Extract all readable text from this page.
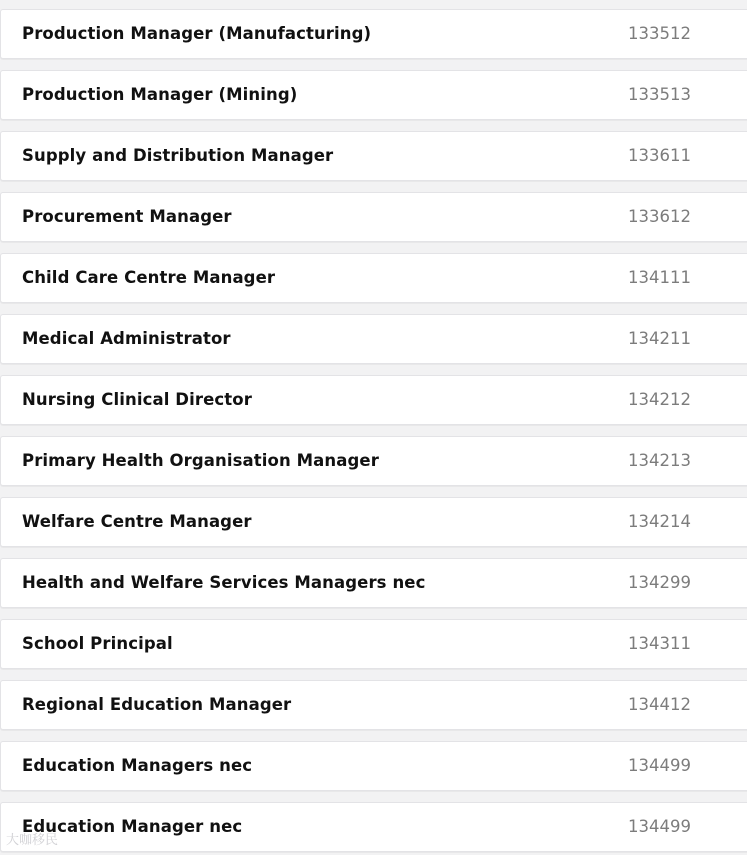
Production Manager (Manufacturing)	133512
Production Manager (Mining)	133513
Supply and Distribution Manager	133611
Procurement Manager	133612
Child Care Centre Manager	134111
Medical Administrator	134211
Nursing Clinical Director	134212
Primary Health Organisation Manager	134213
Welfare Centre Manager	134214
Health and Welfare Services Managers nec	134299
School Principal	134311
Regional Education Manager	134412
Education Managers nec	134499
Education Manager nec	134499
大咖移民
